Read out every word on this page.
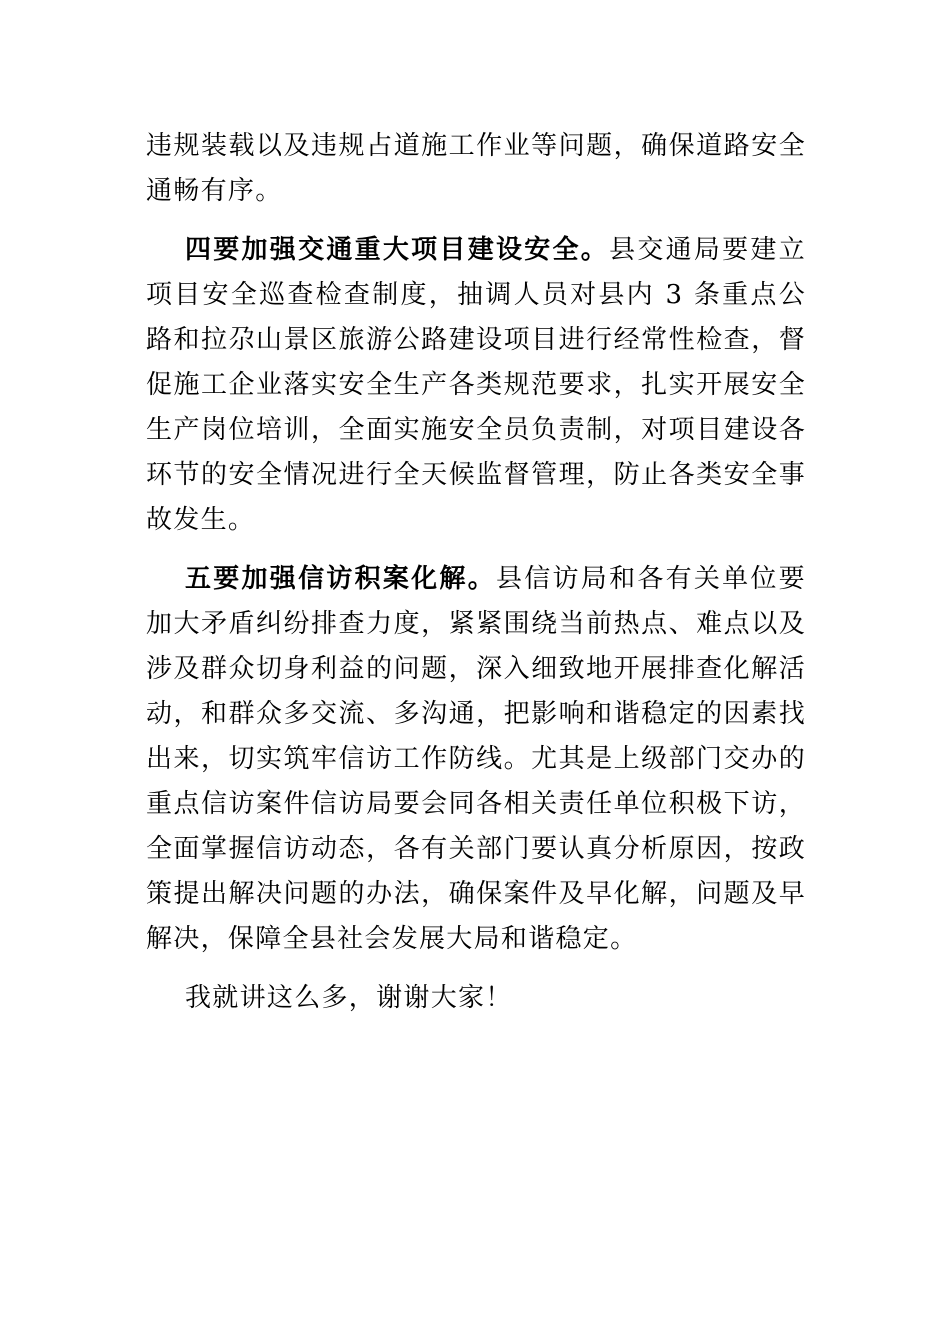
违规装载以及违规占道施工作业等问题，确保道路安全通畅有序。

四要加强交通重大项目建设安全。县交通局要建立项目安全巡查检查制度，抽调人员对县内 3 条重点公路和拉尕山景区旅游公路建设项目进行经常性检查，督促施工企业落实安全生产各类规范要求，扎实开展安全生产岗位培训，全面实施安全员负责制，对项目建设各环节的安全情况进行全天候监督管理，防止各类安全事故发生。

五要加强信访积案化解。县信访局和各有关单位要加大矛盾纠纷排查力度，紧紧围绕当前热点、难点以及涉及群众切身利益的问题，深入细致地开展排查化解活动，和群众多交流、多沟通，把影响和谐稳定的因素找出来，切实筑牢信访工作防线。尤其是上级部门交办的重点信访案件信访局要会同各相关责任单位积极下访，全面掌握信访动态，各有关部门要认真分析原因，按政策提出解决问题的办法，确保案件及早化解，问题及早解决，保障全县社会发展大局和谐稳定。

我就讲这么多，谢谢大家！
